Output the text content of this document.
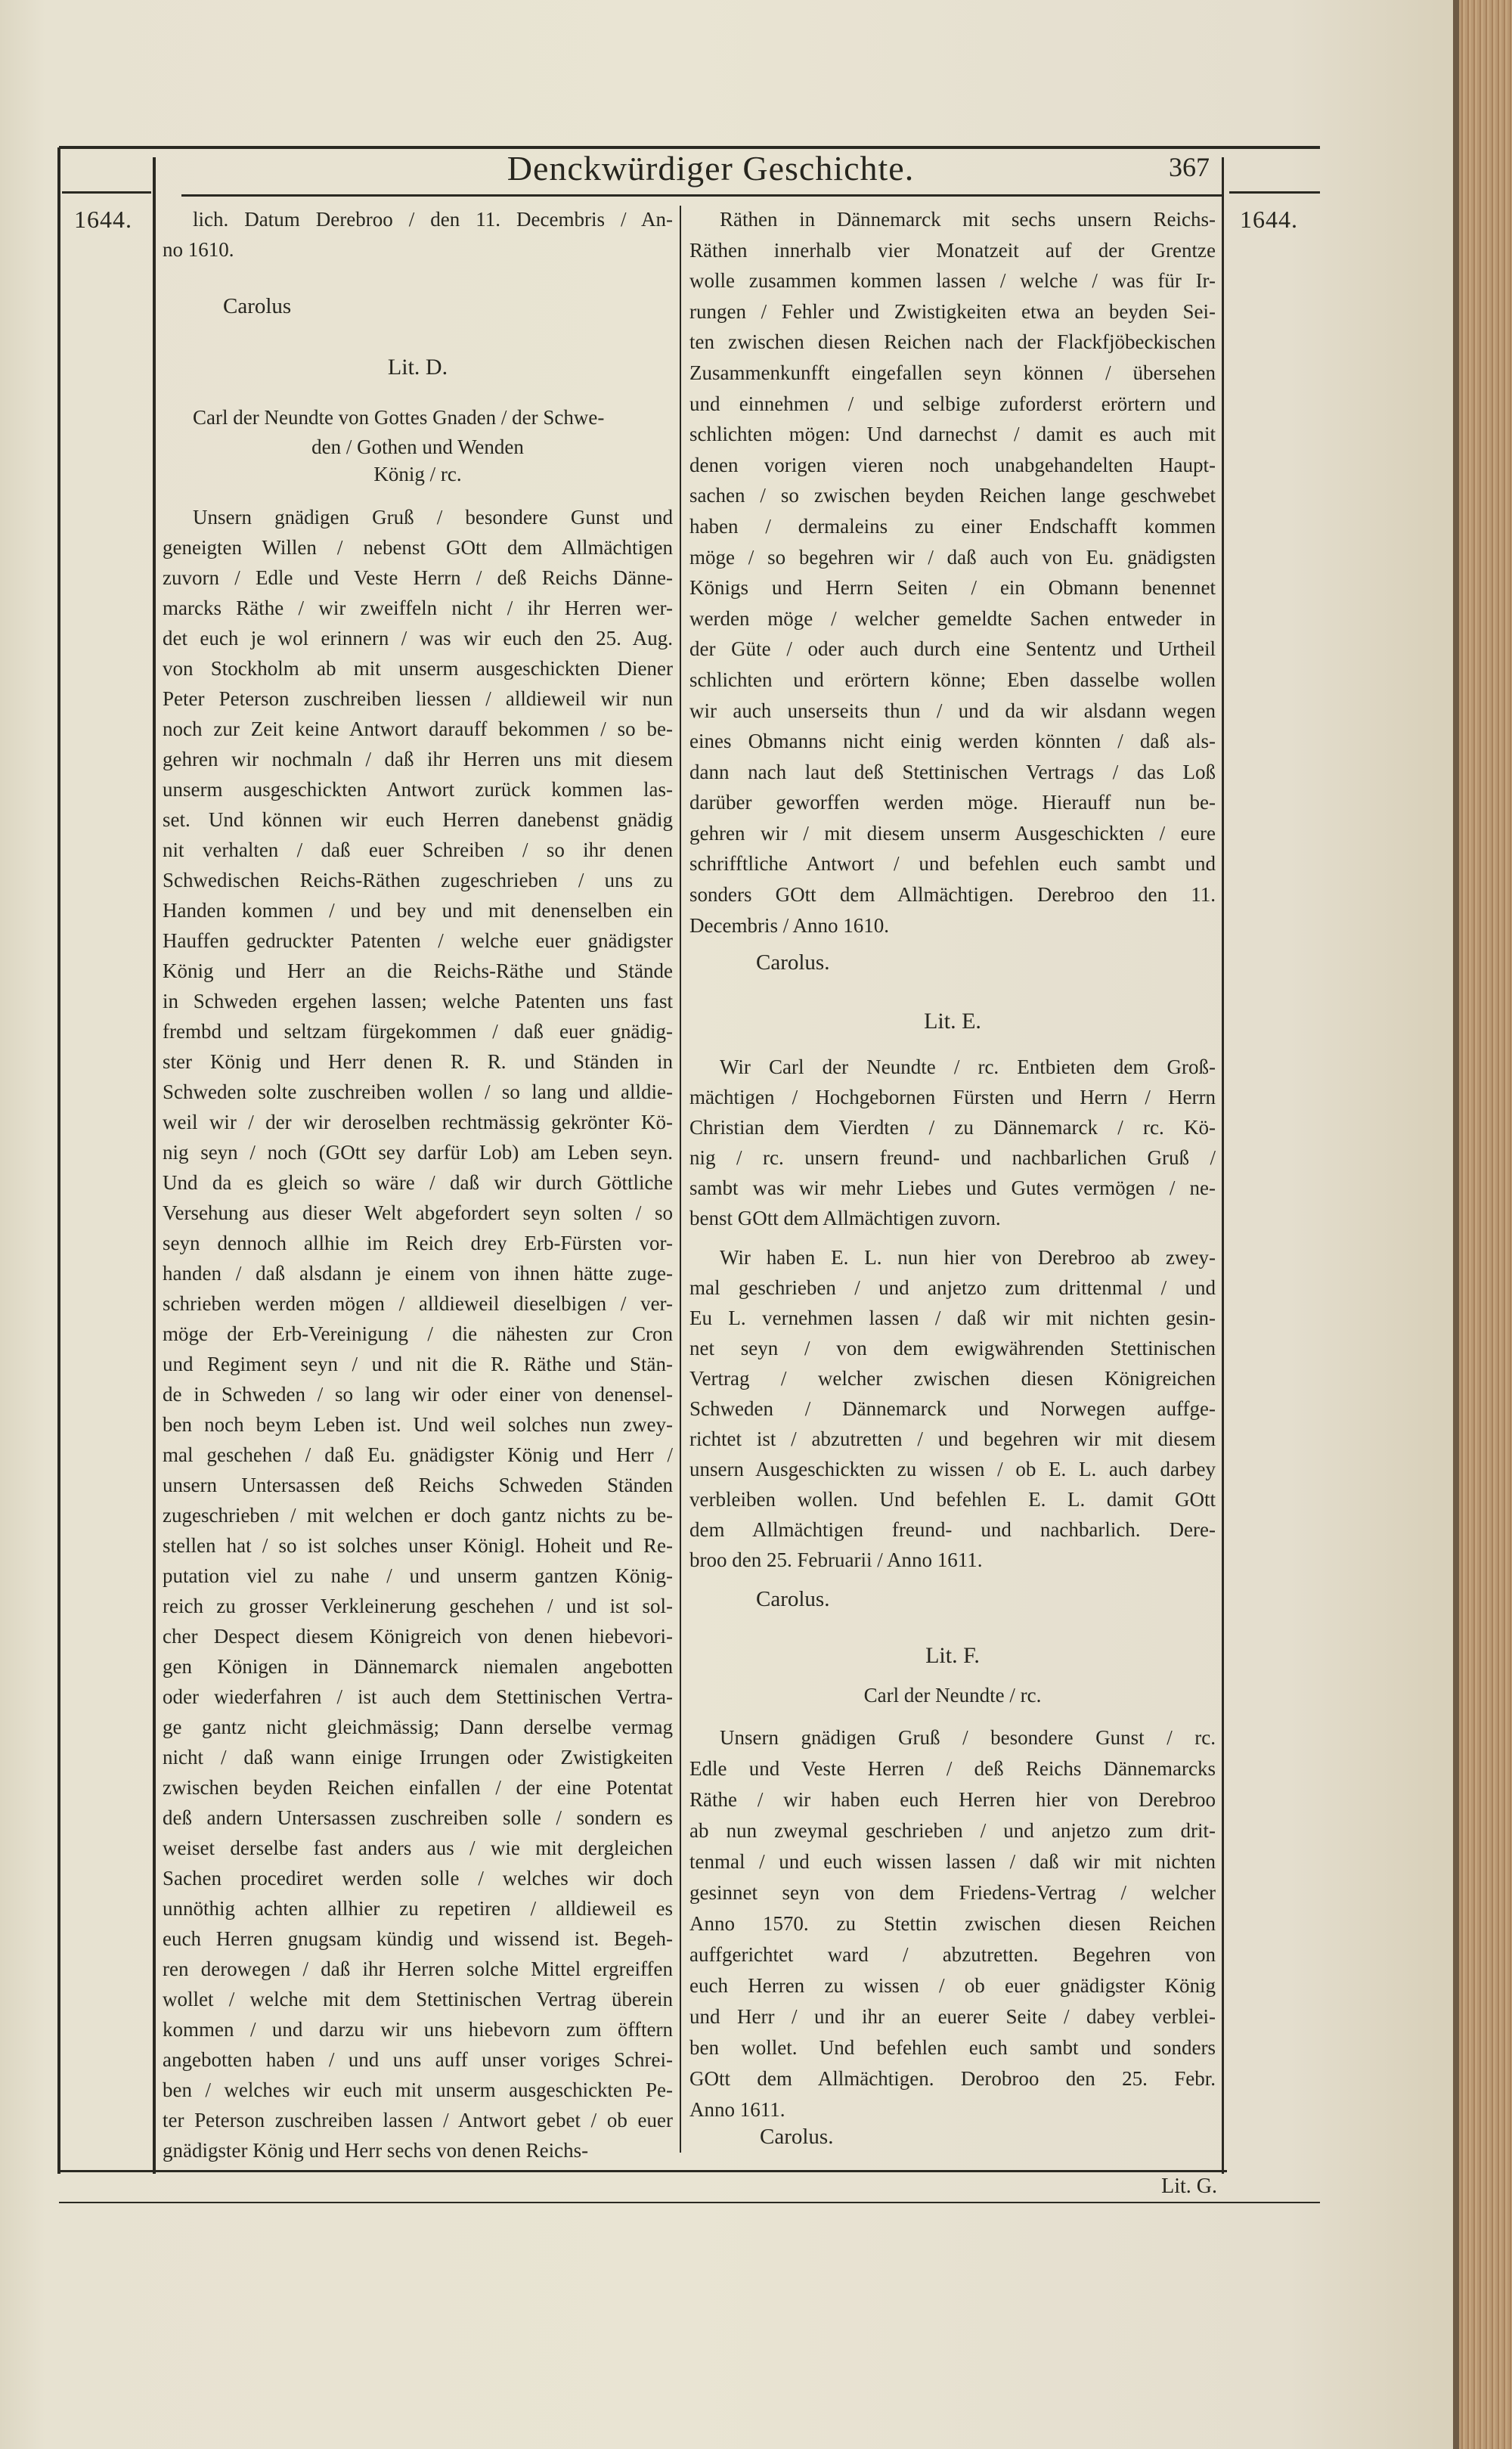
Denckwürdiger Geschichte.	367
1644.	1644.
lich. Datum Derebroo / den 11. Decembris / An-
no 1610.
Carolus
Lit. D.
Carl der Neundte von Gottes Gnaden / der Schwe-
den / Gothen und Wenden
König / rc.
Unsern gnädigen Gruß / besondere Gunst und
geneigten Willen / nebenst GOtt dem Allmächtigen
zuvorn / Edle und Veste Herrn / deß Reichs Dänne-
marcks Räthe / wir zweiffeln nicht / ihr Herren wer-
det euch je wol erinnern / was wir euch den 25. Aug.
von Stockholm ab mit unserm ausgeschickten Diener
Peter Peterson zuschreiben liessen / alldieweil wir nun
noch zur Zeit keine Antwort darauff bekommen / so be-
gehren wir nochmaln / daß ihr Herren uns mit diesem
unserm ausgeschickten Antwort zurück kommen las-
set. Und können wir euch Herren danebenst gnädig
nit verhalten / daß euer Schreiben / so ihr denen
Schwedischen Reichs-Räthen zugeschrieben / uns zu
Handen kommen / und bey und mit denenselben ein
Hauffen gedruckter Patenten / welche euer gnädigster
König und Herr an die Reichs-Räthe und Stände
in Schweden ergehen lassen; welche Patenten uns fast
frembd und seltzam fürgekommen / daß euer gnädig-
ster König und Herr denen R. R. und Ständen in
Schweden solte zuschreiben wollen / so lang und alldie-
weil wir / der wir deroselben rechtmässig gekrönter Kö-
nig seyn / noch (GOtt sey darfür Lob) am Leben seyn.
Und da es gleich so wäre / daß wir durch Göttliche
Versehung aus dieser Welt abgefordert seyn solten / so
seyn dennoch allhie im Reich drey Erb-Fürsten vor-
handen / daß alsdann je einem von ihnen hätte zuge-
schrieben werden mögen / alldieweil dieselbigen / ver-
möge der Erb-Vereinigung / die nähesten zur Cron
und Regiment seyn / und nit die R. Räthe und Stän-
de in Schweden / so lang wir oder einer von denensel-
ben noch beym Leben ist. Und weil solches nun zwey-
mal geschehen / daß Eu. gnädigster König und Herr /
unsern Untersassen deß Reichs Schweden Ständen
zugeschrieben / mit welchen er doch gantz nichts zu be-
stellen hat / so ist solches unser Königl. Hoheit und Re-
putation viel zu nahe / und unserm gantzen König-
reich zu grosser Verkleinerung geschehen / und ist sol-
cher Despect diesem Königreich von denen hiebevori-
gen Königen in Dännemarck niemalen angebotten
oder wiederfahren / ist auch dem Stettinischen Vertra-
ge gantz nicht gleichmässig; Dann derselbe vermag
nicht / daß wann einige Irrungen oder Zwistigkeiten
zwischen beyden Reichen einfallen / der eine Potentat
deß andern Untersassen zuschreiben solle / sondern es
weiset derselbe fast anders aus / wie mit dergleichen
Sachen procediret werden solle / welches wir doch
unnöthig achten allhier zu repetiren / alldieweil es
euch Herren gnugsam kündig und wissend ist. Begeh-
ren derowegen / daß ihr Herren solche Mittel ergreiffen
wollet / welche mit dem Stettinischen Vertrag überein
kommen / und darzu wir uns hiebevorn zum öfftern
angebotten haben / und uns auff unser voriges Schrei-
ben / welches wir euch mit unserm ausgeschickten Pe-
ter Peterson zuschreiben lassen / Antwort gebet / ob euer
gnädigster König und Herr sechs von denen Reichs-
Räthen in Dännemarck mit sechs unsern Reichs-
Räthen innerhalb vier Monatzeit auf der Grentze
wolle zusammen kommen lassen / welche / was für Ir-
rungen / Fehler und Zwistigkeiten etwa an beyden Sei-
ten zwischen diesen Reichen nach der Flackfjöbeckischen
Zusammenkunfft eingefallen seyn können / übersehen
und einnehmen / und selbige zuforderst erörtern und
schlichten mögen: Und darnechst / damit es auch mit
denen vorigen vieren noch unabgehandelten Haupt-
sachen / so zwischen beyden Reichen lange geschwebet
haben / dermaleins zu einer Endschafft kommen
möge / so begehren wir / daß auch von Eu. gnädigsten
Königs und Herrn Seiten / ein Obmann benennet
werden möge / welcher gemeldte Sachen entweder in
der Güte / oder auch durch eine Sententz und Urtheil
schlichten und erörtern könne; Eben dasselbe wollen
wir auch unserseits thun / und da wir alsdann wegen
eines Obmanns nicht einig werden könnten / daß als-
dann nach laut deß Stettinischen Vertrags / das Loß
darüber geworffen werden möge. Hierauff nun be-
gehren wir / mit diesem unserm Ausgeschickten / eure
schrifftliche Antwort / und befehlen euch sambt und
sonders GOtt dem Allmächtigen. Derebroo den 11.
Decembris / Anno 1610.
Carolus.
Lit. E.
Wir Carl der Neundte / rc. Entbieten dem Groß-
mächtigen / Hochgebornen Fürsten und Herrn / Herrn
Christian dem Vierdten / zu Dännemarck / rc. Kö-
nig / rc. unsern freund- und nachbarlichen Gruß /
sambt was wir mehr Liebes und Gutes vermögen / ne-
benst GOtt dem Allmächtigen zuvorn.
Wir haben E. L. nun hier von Derebroo ab zwey-
mal geschrieben / und anjetzo zum drittenmal / und
Eu L. vernehmen lassen / daß wir mit nichten gesin-
net seyn / von dem ewigwährenden Stettinischen
Vertrag / welcher zwischen diesen Königreichen
Schweden / Dännemarck und Norwegen auffge-
richtet ist / abzutretten / und begehren wir mit diesem
unsern Ausgeschickten zu wissen / ob E. L. auch darbey
verbleiben wollen. Und befehlen E. L. damit GOtt
dem Allmächtigen freund- und nachbarlich. Dere-
broo den 25. Februarii / Anno 1611.
Carolus.
Lit. F.
Carl der Neundte / rc.
Unsern gnädigen Gruß / besondere Gunst / rc.
Edle und Veste Herren / deß Reichs Dännemarcks
Räthe / wir haben euch Herren hier von Derebroo
ab nun zweymal geschrieben / und anjetzo zum drit-
tenmal / und euch wissen lassen / daß wir mit nichten
gesinnet seyn von dem Friedens-Vertrag / welcher
Anno 1570. zu Stettin zwischen diesen Reichen
auffgerichtet ward / abzutretten. Begehren von
euch Herren zu wissen / ob euer gnädigster König
und Herr / und ihr an euerer Seite / dabey verblei-
ben wollet. Und befehlen euch sambt und sonders
GOtt dem Allmächtigen. Derobroo den 25. Febr.
Anno 1611.
Carolus.
Lit. G.
